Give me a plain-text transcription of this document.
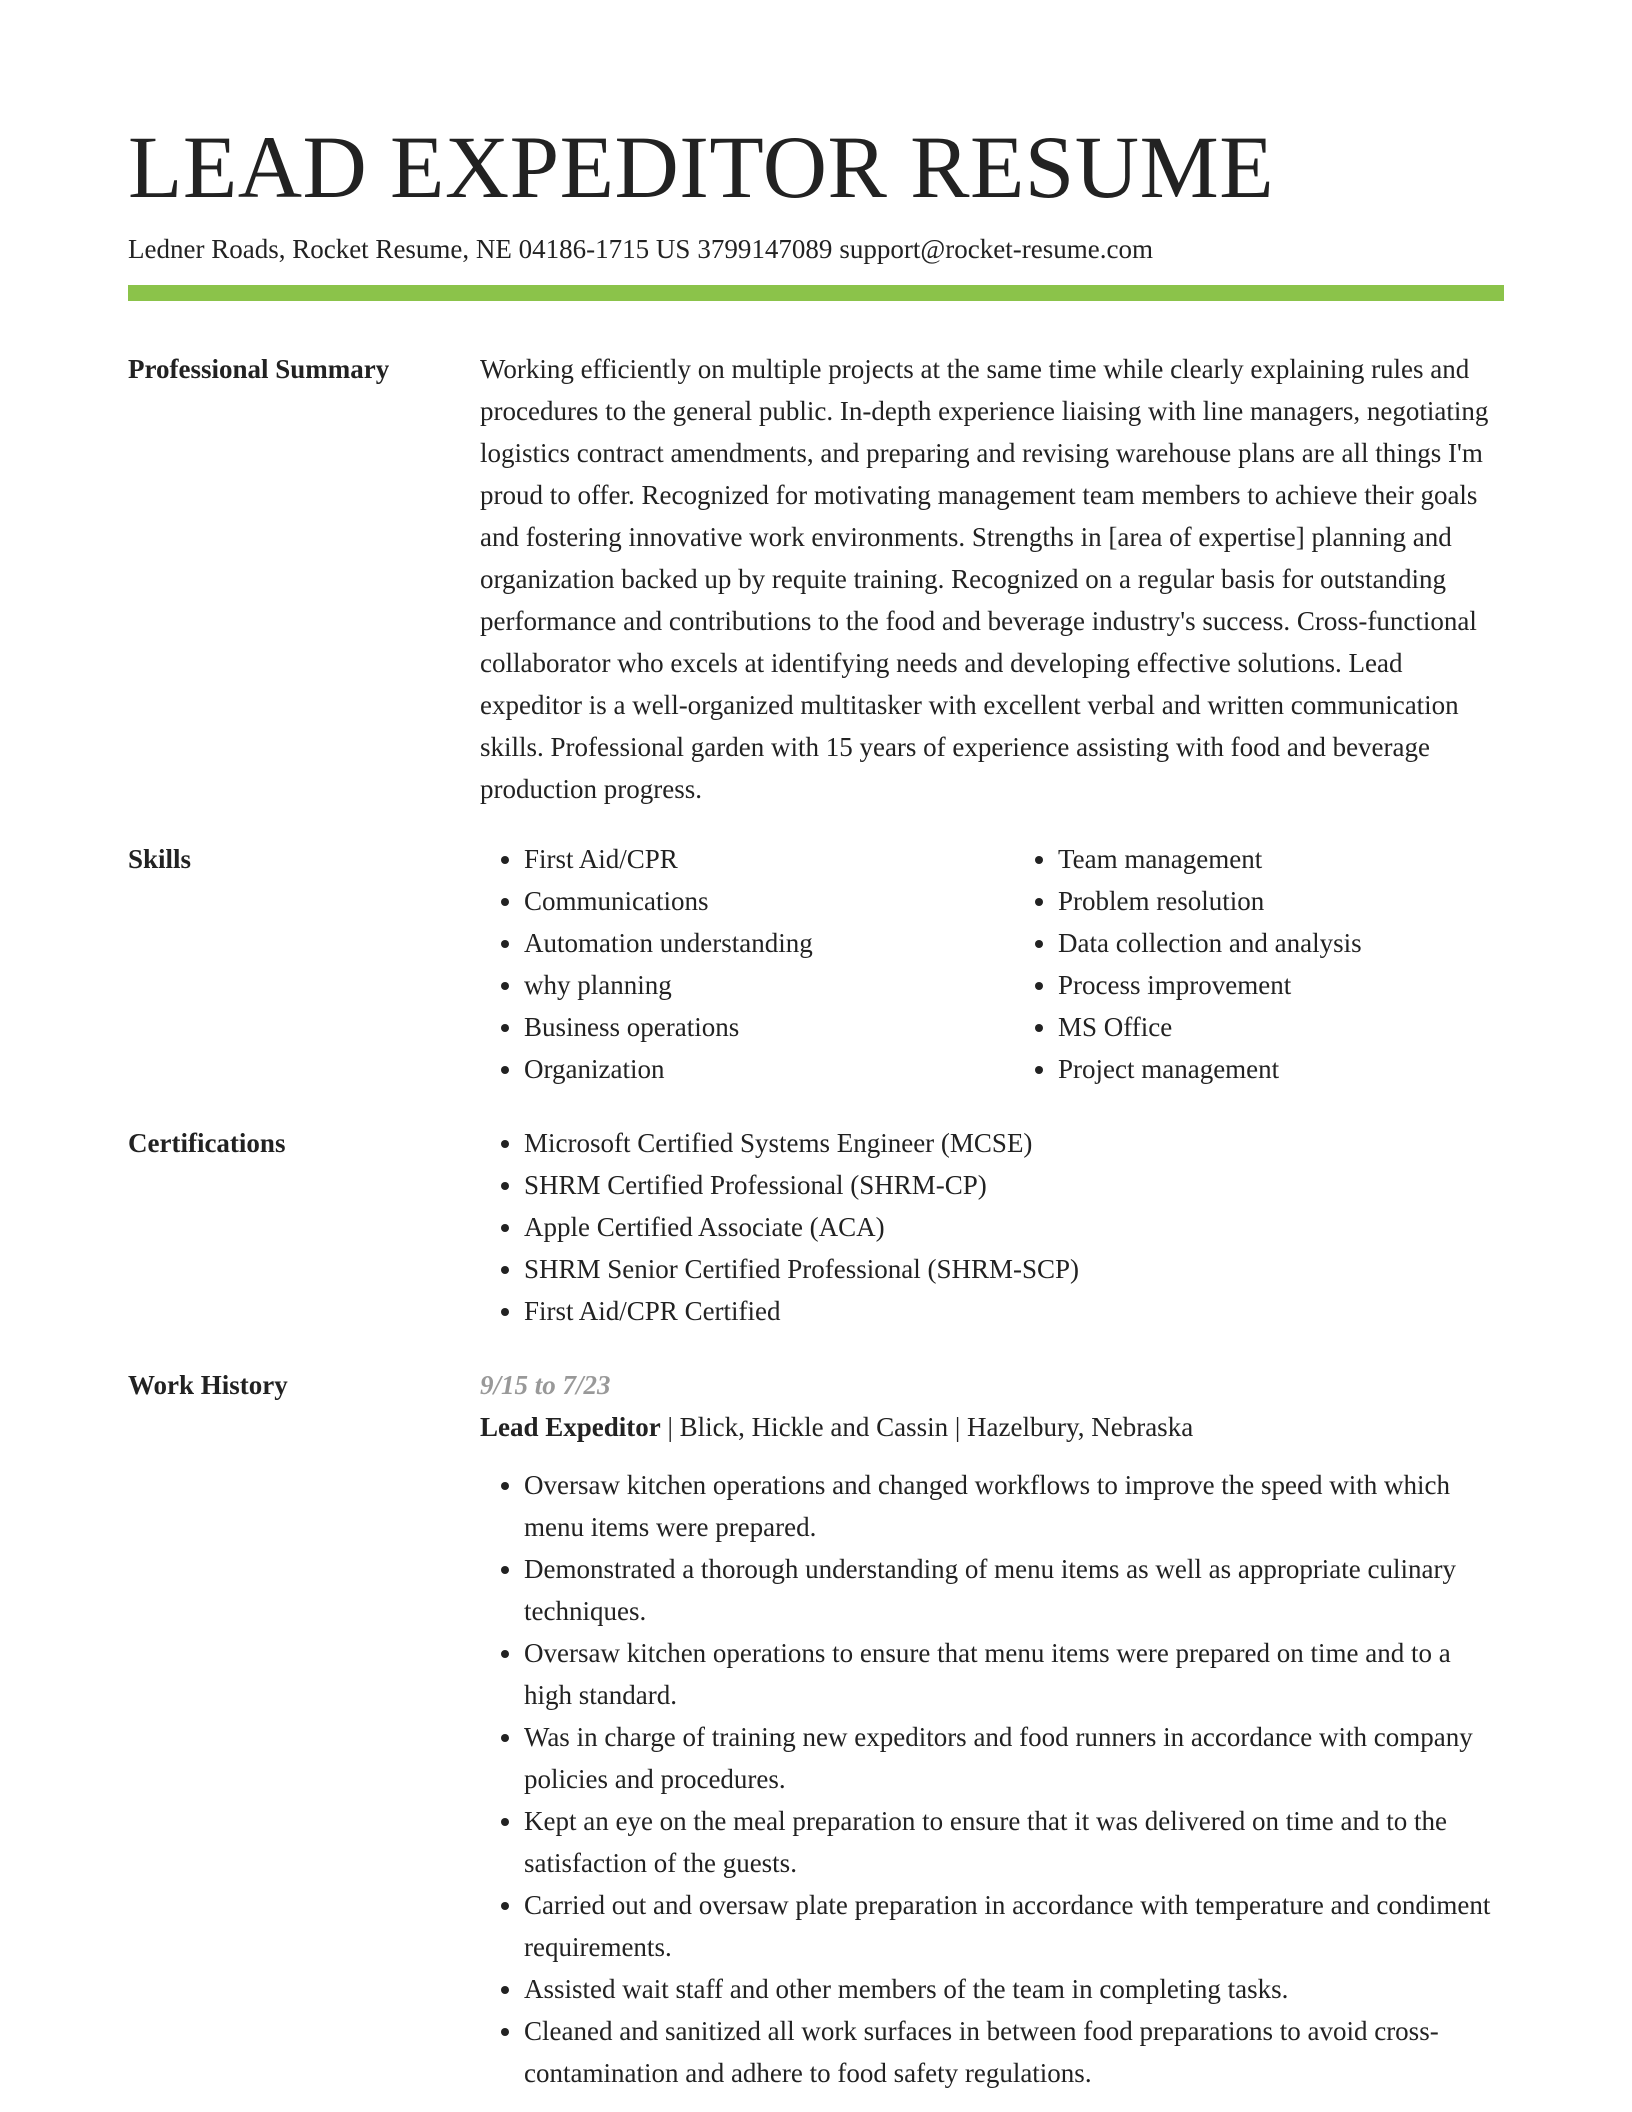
LEAD EXPEDITOR RESUME
Ledner Roads, Rocket Resume, NE 04186-1715 US 3799147089 support@rocket-resume.com
Professional Summary	Working efficiently on multiple projects at the same time while clearly explaining rules and procedures to the general public. In-depth experience liaising with line managers, negotiating logistics contract amendments, and preparing and revising warehouse plans are all things I'm proud to offer. Recognized for motivating management team members to achieve their goals and fostering innovative work environments. Strengths in [area of expertise] planning and organization backed up by requite training. Recognized on a regular basis for outstanding performance and contributions to the food and beverage industry's success. Cross-functional collaborator who excels at identifying needs and developing effective solutions. Lead expeditor is a well-organized multitasker with excellent verbal and written communication skills. Professional garden with 15 years of experience assisting with food and beverage production progress.

Skills	• First Aid/CPR
• Communications
• Automation understanding
• why planning
• Business operations
• Organization
• Team management
• Problem resolution
• Data collection and analysis
• Process improvement
• MS Office
• Project management
Certifications	• Microsoft Certified Systems Engineer (MCSE)
• SHRM Certified Professional (SHRM-CP)
• Apple Certified Associate (ACA)
• SHRM Senior Certified Professional (SHRM-SCP)
• First Aid/CPR Certified
Work History	9/15 to 7/23
Lead Expeditor | Blick, Hickle and Cassin | Hazelbury, Nebraska
• Oversaw kitchen operations and changed workflows to improve the speed with which menu items were prepared.
• Demonstrated a thorough understanding of menu items as well as appropriate culinary techniques.
• Oversaw kitchen operations to ensure that menu items were prepared on time and to a high standard.
• Was in charge of training new expeditors and food runners in accordance with company policies and procedures.
• Kept an eye on the meal preparation to ensure that it was delivered on time and to the satisfaction of the guests.
• Carried out and oversaw plate preparation in accordance with temperature and condiment requirements.
• Assisted wait staff and other members of the team in completing tasks.
• Cleaned and sanitized all work surfaces in between food preparations to avoid cross-contamination and adhere to food safety regulations.
